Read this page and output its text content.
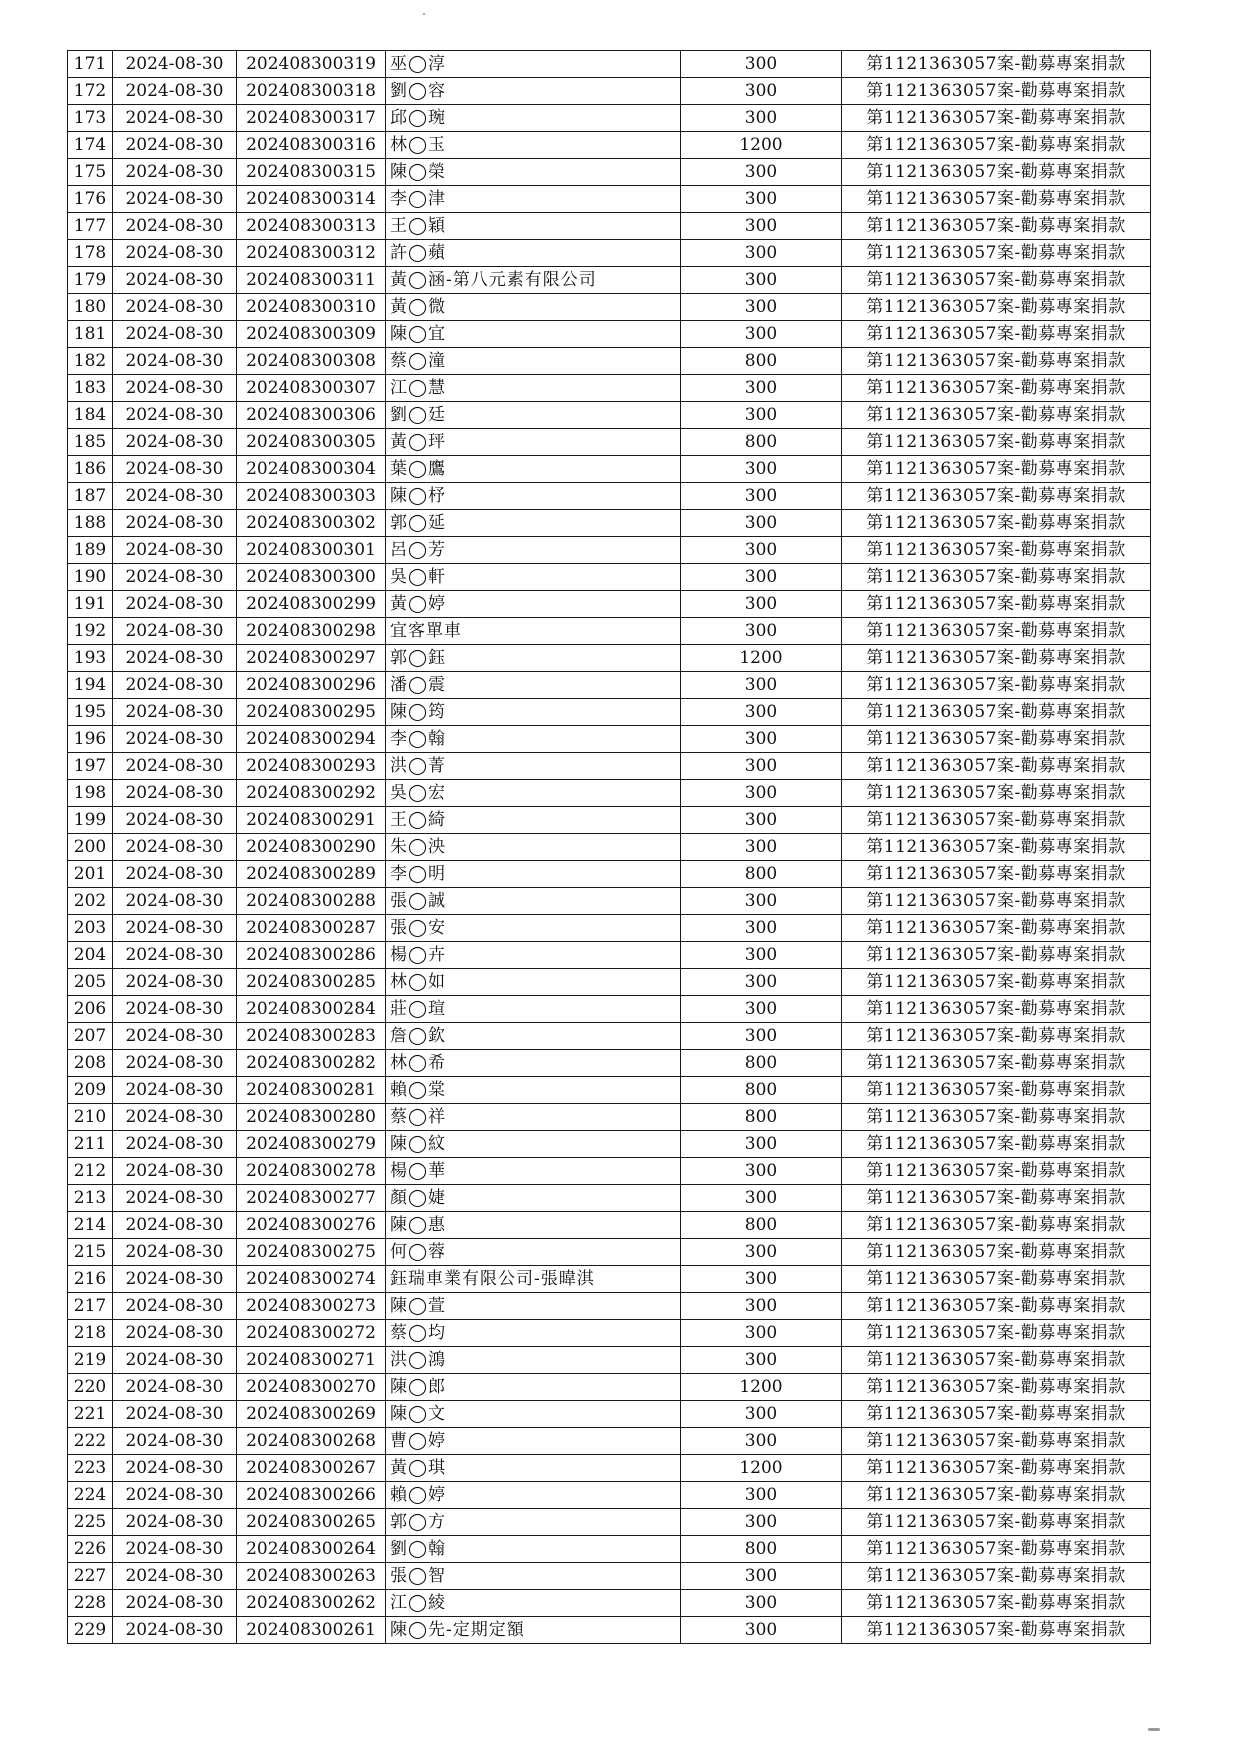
171	2024-08-30	202408300319	巫◯淳	300	第1121363057案-勸募專案捐款
172	2024-08-30	202408300318	劉◯容	300	第1121363057案-勸募專案捐款
173	2024-08-30	202408300317	邱◯琬	300	第1121363057案-勸募專案捐款
174	2024-08-30	202408300316	林◯玉	1200	第1121363057案-勸募專案捐款
175	2024-08-30	202408300315	陳◯榮	300	第1121363057案-勸募專案捐款
176	2024-08-30	202408300314	李◯津	300	第1121363057案-勸募專案捐款
177	2024-08-30	202408300313	王◯穎	300	第1121363057案-勸募專案捐款
178	2024-08-30	202408300312	許◯蘋	300	第1121363057案-勸募專案捐款
179	2024-08-30	202408300311	黃◯涵-第八元素有限公司	300	第1121363057案-勸募專案捐款
180	2024-08-30	202408300310	黃◯微	300	第1121363057案-勸募專案捐款
181	2024-08-30	202408300309	陳◯宜	300	第1121363057案-勸募專案捐款
182	2024-08-30	202408300308	蔡◯潼	800	第1121363057案-勸募專案捐款
183	2024-08-30	202408300307	江◯慧	300	第1121363057案-勸募專案捐款
184	2024-08-30	202408300306	劉◯廷	300	第1121363057案-勸募專案捐款
185	2024-08-30	202408300305	黃◯玶	800	第1121363057案-勸募專案捐款
186	2024-08-30	202408300304	葉◯鷹	300	第1121363057案-勸募專案捐款
187	2024-08-30	202408300303	陳◯杼	300	第1121363057案-勸募專案捐款
188	2024-08-30	202408300302	郭◯延	300	第1121363057案-勸募專案捐款
189	2024-08-30	202408300301	呂◯芳	300	第1121363057案-勸募專案捐款
190	2024-08-30	202408300300	吳◯軒	300	第1121363057案-勸募專案捐款
191	2024-08-30	202408300299	黃◯婷	300	第1121363057案-勸募專案捐款
192	2024-08-30	202408300298	宜客單車	300	第1121363057案-勸募專案捐款
193	2024-08-30	202408300297	郭◯鈺	1200	第1121363057案-勸募專案捐款
194	2024-08-30	202408300296	潘◯震	300	第1121363057案-勸募專案捐款
195	2024-08-30	202408300295	陳◯筠	300	第1121363057案-勸募專案捐款
196	2024-08-30	202408300294	李◯翰	300	第1121363057案-勸募專案捐款
197	2024-08-30	202408300293	洪◯菁	300	第1121363057案-勸募專案捐款
198	2024-08-30	202408300292	吳◯宏	300	第1121363057案-勸募專案捐款
199	2024-08-30	202408300291	王◯綺	300	第1121363057案-勸募專案捐款
200	2024-08-30	202408300290	朱◯泱	300	第1121363057案-勸募專案捐款
201	2024-08-30	202408300289	李◯明	800	第1121363057案-勸募專案捐款
202	2024-08-30	202408300288	張◯誠	300	第1121363057案-勸募專案捐款
203	2024-08-30	202408300287	張◯安	300	第1121363057案-勸募專案捐款
204	2024-08-30	202408300286	楊◯卉	300	第1121363057案-勸募專案捐款
205	2024-08-30	202408300285	林◯如	300	第1121363057案-勸募專案捐款
206	2024-08-30	202408300284	莊◯瑄	300	第1121363057案-勸募專案捐款
207	2024-08-30	202408300283	詹◯欽	300	第1121363057案-勸募專案捐款
208	2024-08-30	202408300282	林◯希	800	第1121363057案-勸募專案捐款
209	2024-08-30	202408300281	賴◯棠	800	第1121363057案-勸募專案捐款
210	2024-08-30	202408300280	蔡◯祥	800	第1121363057案-勸募專案捐款
211	2024-08-30	202408300279	陳◯紋	300	第1121363057案-勸募專案捐款
212	2024-08-30	202408300278	楊◯華	300	第1121363057案-勸募專案捐款
213	2024-08-30	202408300277	顏◯婕	300	第1121363057案-勸募專案捐款
214	2024-08-30	202408300276	陳◯惠	800	第1121363057案-勸募專案捐款
215	2024-08-30	202408300275	何◯蓉	300	第1121363057案-勸募專案捐款
216	2024-08-30	202408300274	鈺瑞車業有限公司-張暐淇	300	第1121363057案-勸募專案捐款
217	2024-08-30	202408300273	陳◯萱	300	第1121363057案-勸募專案捐款
218	2024-08-30	202408300272	蔡◯均	300	第1121363057案-勸募專案捐款
219	2024-08-30	202408300271	洪◯鴻	300	第1121363057案-勸募專案捐款
220	2024-08-30	202408300270	陳◯郎	1200	第1121363057案-勸募專案捐款
221	2024-08-30	202408300269	陳◯文	300	第1121363057案-勸募專案捐款
222	2024-08-30	202408300268	曹◯婷	300	第1121363057案-勸募專案捐款
223	2024-08-30	202408300267	黃◯琪	1200	第1121363057案-勸募專案捐款
224	2024-08-30	202408300266	賴◯婷	300	第1121363057案-勸募專案捐款
225	2024-08-30	202408300265	郭◯方	300	第1121363057案-勸募專案捐款
226	2024-08-30	202408300264	劉◯翰	800	第1121363057案-勸募專案捐款
227	2024-08-30	202408300263	張◯智	300	第1121363057案-勸募專案捐款
228	2024-08-30	202408300262	江◯綾	300	第1121363057案-勸募專案捐款
229	2024-08-30	202408300261	陳◯先-定期定額	300	第1121363057案-勸募專案捐款
